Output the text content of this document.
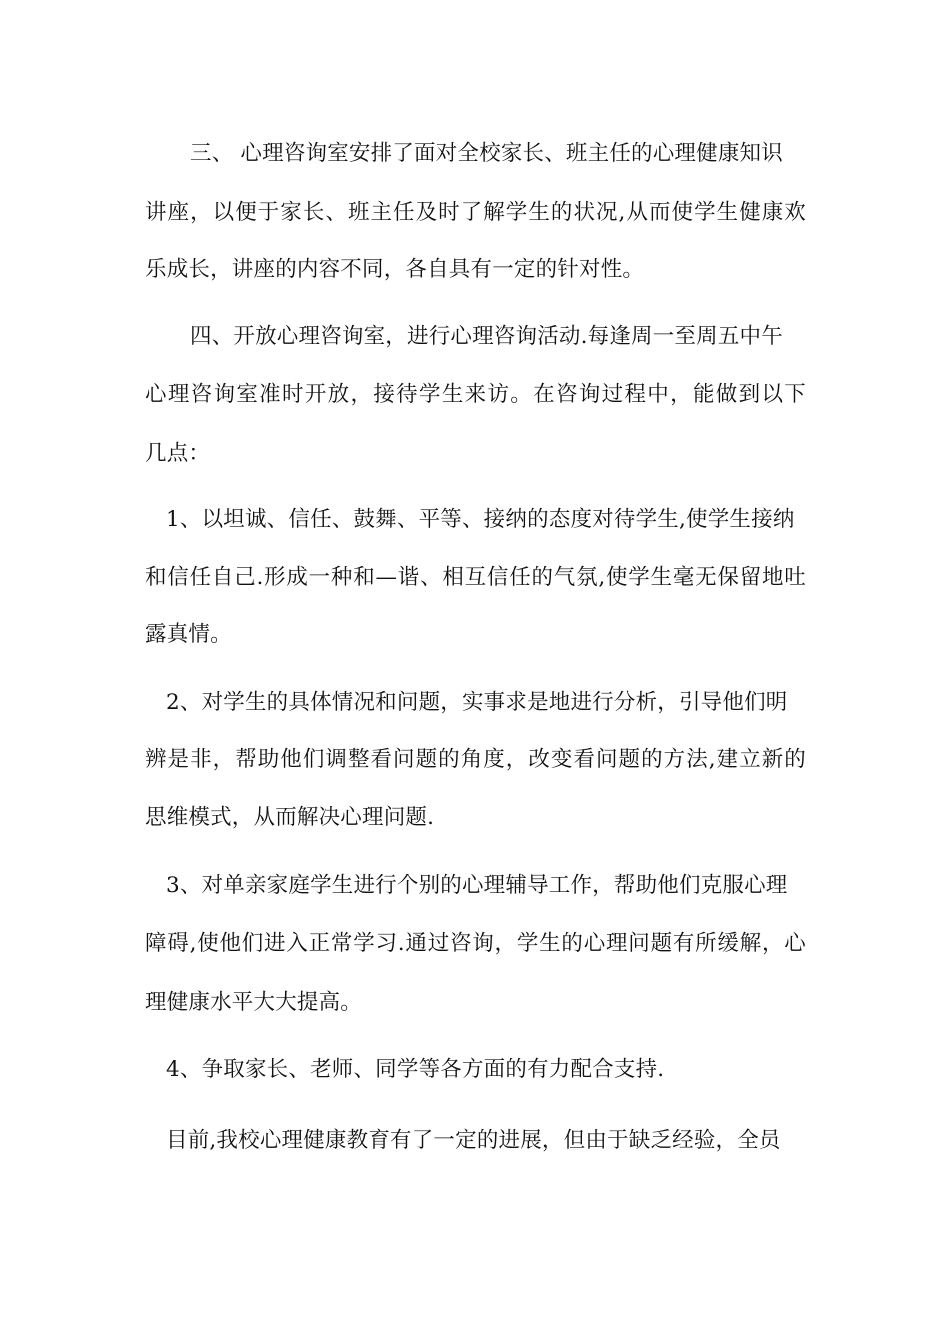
三、 心理咨询室安排了面对全校家长、班主任的心理健康知识
讲座，以便于家长、班主任及时了解学生的状况,从而使学生健康欢
乐成长，讲座的内容不同，各自具有一定的针对性。
四、开放心理咨询室，进行心理咨询活动.每逢周一至周五中午
心理咨询室准时开放，接待学生来访。在咨询过程中，能做到以下
几点：
1、以坦诚、信任、鼓舞、平等、接纳的态度对待学生,使学生接纳
和信任自己.形成一种和—谐、相互信任的气氛,使学生毫无保留地吐
露真情。
2、对学生的具体情况和问题，实事求是地进行分析，引导他们明
辨是非，帮助他们调整看问题的角度，改变看问题的方法,建立新的
思维模式，从而解决心理问题.
3、对单亲家庭学生进行个别的心理辅导工作，帮助他们克服心理
障碍,使他们进入正常学习.通过咨询，学生的心理问题有所缓解，心
理健康水平大大提高。
4、争取家长、老师、同学等各方面的有力配合支持.
目前,我校心理健康教育有了一定的进展，但由于缺乏经验，全员
